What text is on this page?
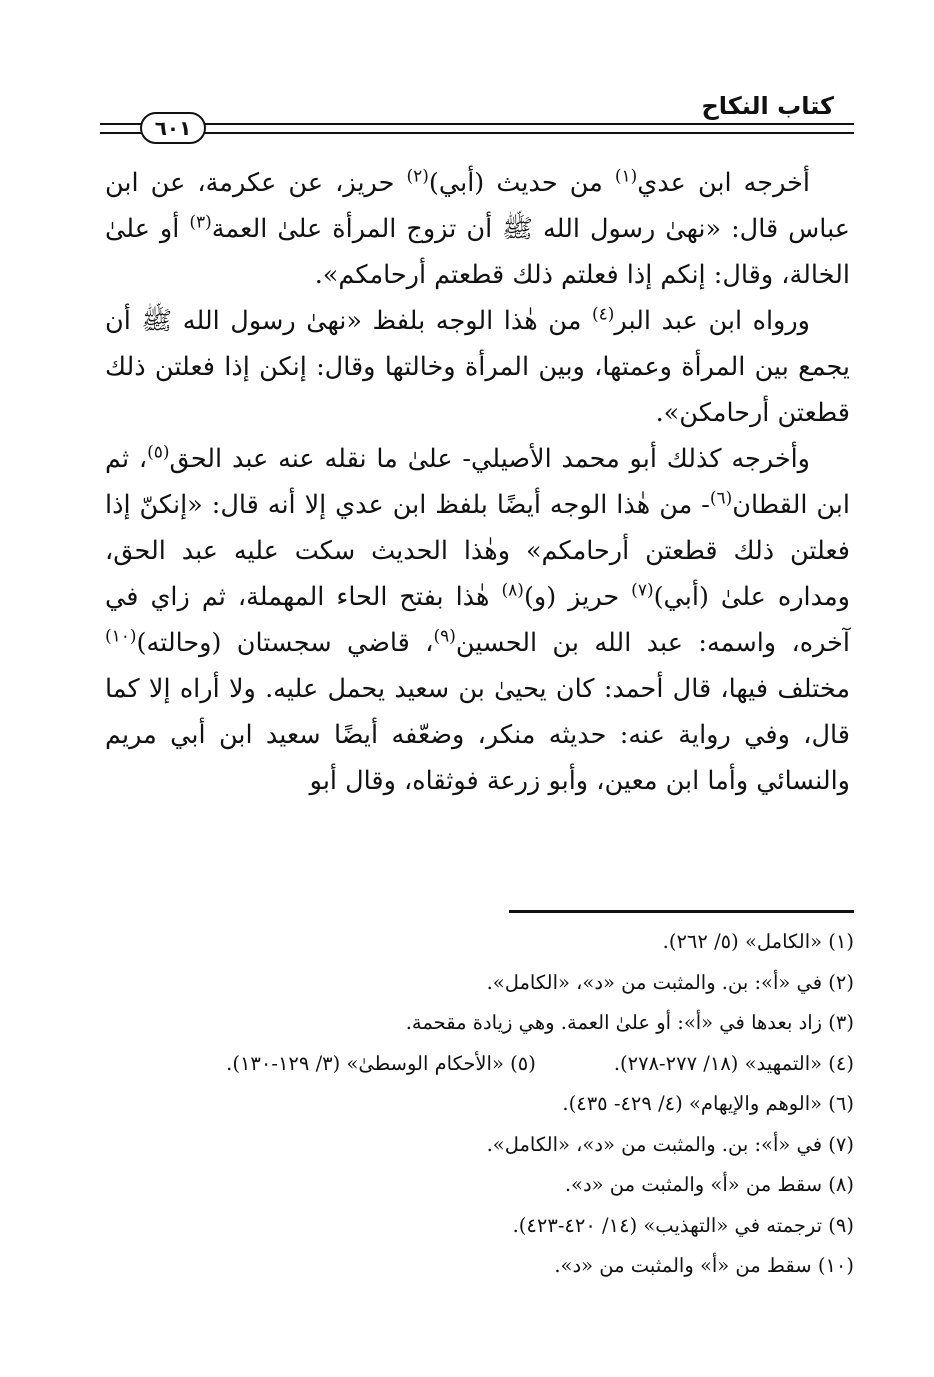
كتاب النكاح
٦٠١

أخرجه ابن عدي$^{(١)}$ من حديث (أبي)$^{(٢)}$ حريز، عن عكرمة، عن ابن عباس قال: «نهىٰ رسول الله ﷺ أن تزوج المرأة علىٰ العمة$^{(٣)}$ أو علىٰ الخالة، وقال: إنكم إذا فعلتم ذلك قطعتم أرحامكم».

ورواه ابن عبد البر$^{(٤)}$ من هٰذا الوجه بلفظ «نهىٰ رسول الله ﷺ أن يجمع بين المرأة وعمتها، وبين المرأة وخالتها وقال: إنكن إذا فعلتن ذلك قطعتن أرحامكن».

وأخرجه كذلك أبو محمد الأصيلي- علىٰ ما نقله عنه عبد الحق$^{(٥)}$، ثم ابن القطان$^{(٦)}$- من هٰذا الوجه أيضًا بلفظ ابن عدي إلا أنه قال: «إنكنّ إذا فعلتن ذلك قطعتن أرحامكم» وهٰذا الحديث سكت عليه عبد الحق، ومداره علىٰ (أبي)$^{(٧)}$ حريز (و)$^{(٨)}$ هٰذا بفتح الحاء المهملة، ثم زاي في آخره، واسمه: عبد الله بن الحسين$^{(٩)}$، قاضي سجستان (وحالته)$^{(١٠)}$ مختلف فيها، قال أحمد: كان يحيىٰ بن سعيد يحمل عليه. ولا أراه إلا كما قال، وفي رواية عنه: حديثه منكر، وضعّفه أيضًا سعيد ابن أبي مريم والنسائي وأما ابن معين، وأبو زرعة فوثقاه، وقال أبو

(١) «الكامل» (٥/ ٢٦٢).
(٢) في «أ»: بن. والمثبت من «د»، «الكامل».
(٣) زاد بعدها في «أ»: أو علىٰ العمة. وهي زيادة مقحمة.
(٤) «التمهيد» (١٨/ ٢٧٧-٢٧٨).
(٥) «الأحكام الوسطىٰ» (٣/ ١٢٩-١٣٠).
(٦) «الوهم والإيهام» (٤/ ٤٢٩- ٤٣٥).
(٧) في «أ»: بن. والمثبت من «د»، «الكامل».
(٨) سقط من «أ» والمثبت من «د».
(٩) ترجمته في «التهذيب» (١٤/ ٤٢٠-٤٢٣).
(١٠) سقط من «أ» والمثبت من «د».
